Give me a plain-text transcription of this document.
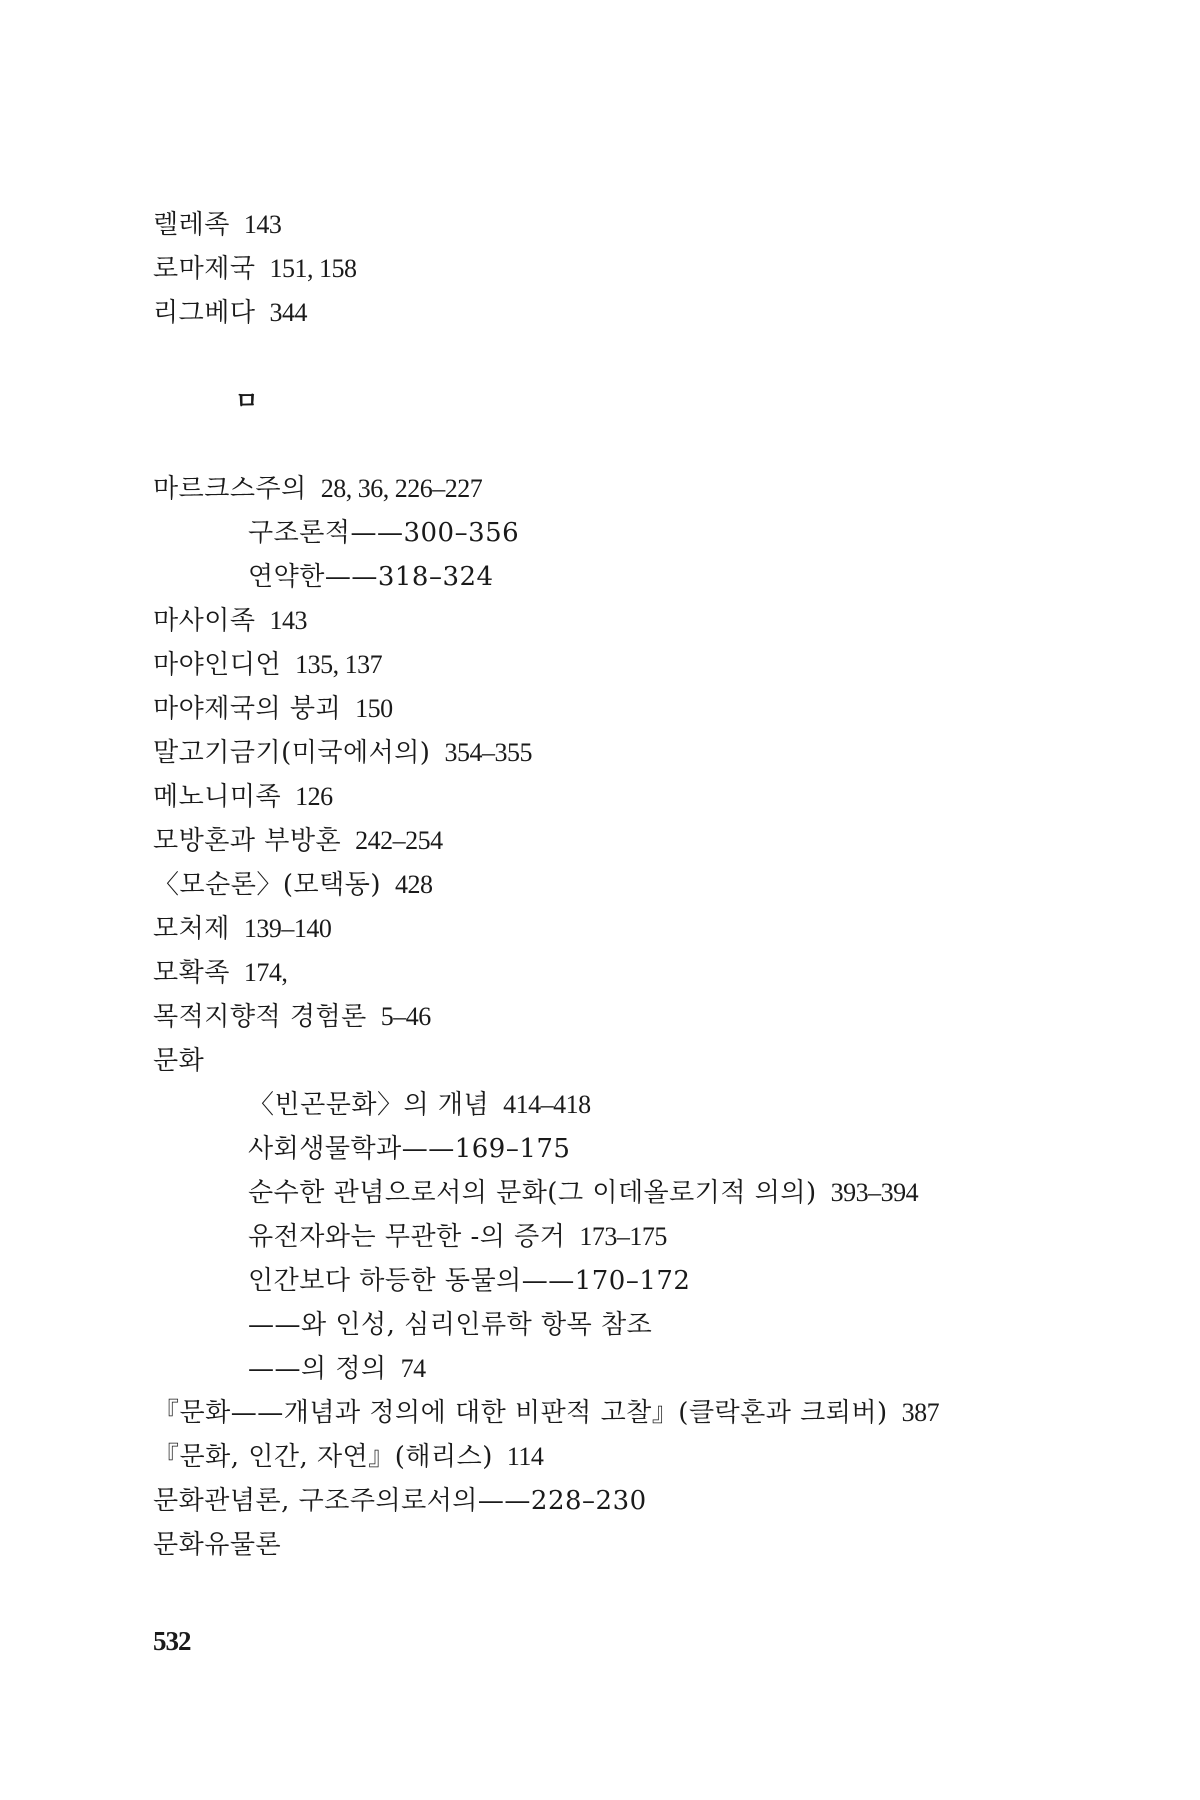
렐레족 143
로마제국 151, 158
리그베다 344
ㅁ
마르크스주의 28, 36, 226–227
구조론적——300–356
연약한——318–324
마사이족 143
마야인디언 135, 137
마야제국의 붕괴 150
말고기금기(미국에서의) 354–355
메노니미족 126
모방혼과 부방혼 242–254
〈모순론〉(모택동) 428
모처제 139–140
모확족 174,
목적지향적 경험론 5–46
문화
〈빈곤문화〉의 개념 414–418
사회생물학과——169–175
순수한 관념으로서의 문화(그 이데올로기적 의의) 393–394
유전자와는 무관한 -의 증거 173–175
인간보다 하등한 동물의——170–172
——와 인성, 심리인류학 항목 참조
——의 정의 74
『문화——개념과 정의에 대한 비판적 고찰』(클락혼과 크뢰버) 387
『문화, 인간, 자연』(해리스) 114
문화관념론, 구조주의로서의——228–230
문화유물론
532
